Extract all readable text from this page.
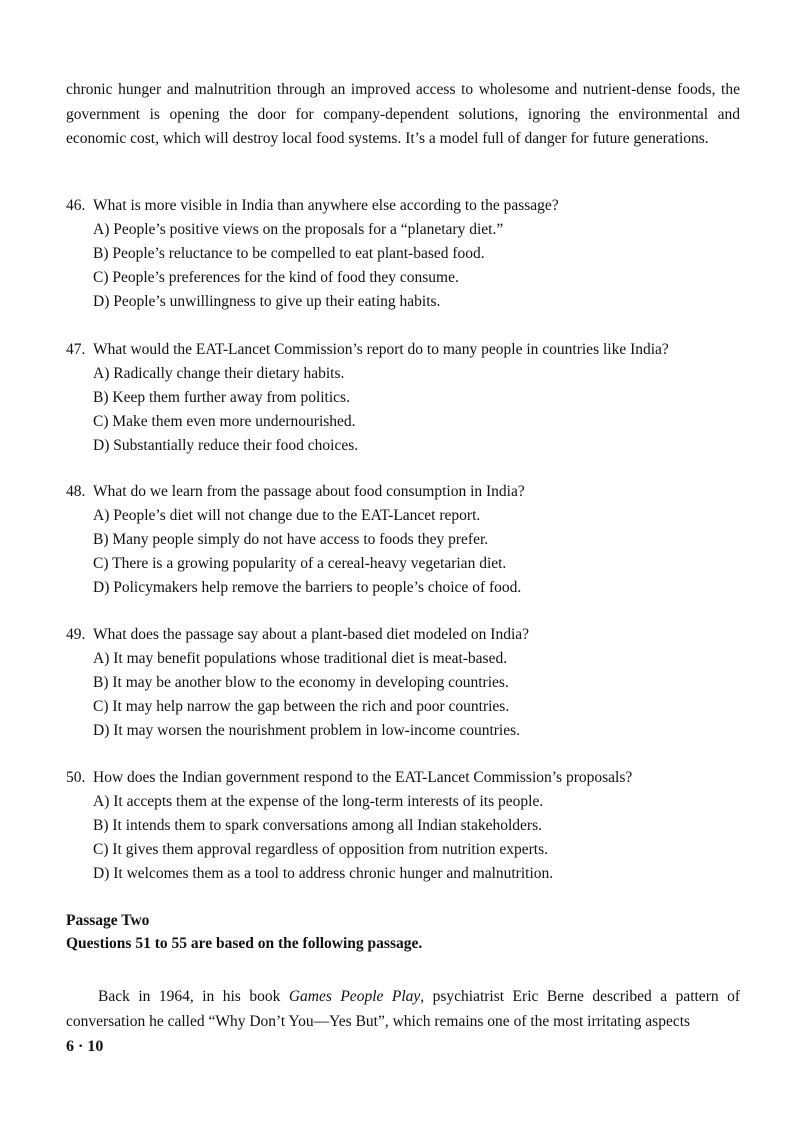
chronic hunger and malnutrition through an improved access to wholesome and nutrient-dense foods, the government is opening the door for company-dependent solutions, ignoring the environmental and economic cost, which will destroy local food systems. It’s a model full of danger for future generations.

46. What is more visible in India than anywhere else according to the passage?
A) People’s positive views on the proposals for a “planetary diet.”
B) People’s reluctance to be compelled to eat plant-based food.
C) People’s preferences for the kind of food they consume.
D) People’s unwillingness to give up their eating habits.
47. What would the EAT-Lancet Commission’s report do to many people in countries like India?
A) Radically change their dietary habits.
B) Keep them further away from politics.
C) Make them even more undernourished.
D) Substantially reduce their food choices.
48. What do we learn from the passage about food consumption in India?
A) People’s diet will not change due to the EAT-Lancet report.
B) Many people simply do not have access to foods they prefer.
C) There is a growing popularity of a cereal-heavy vegetarian diet.
D) Policymakers help remove the barriers to people’s choice of food.
49. What does the passage say about a plant-based diet modeled on India?
A) It may benefit populations whose traditional diet is meat-based.
B) It may be another blow to the economy in developing countries.
C) It may help narrow the gap between the rich and poor countries.
D) It may worsen the nourishment problem in low-income countries.
50. How does the Indian government respond to the EAT-Lancet Commission’s proposals?
A) It accepts them at the expense of the long-term interests of its people.
B) It intends them to spark conversations among all Indian stakeholders.
C) It gives them approval regardless of opposition from nutrition experts.
D) It welcomes them as a tool to address chronic hunger and malnutrition.
Passage Two
Questions 51 to 55 are based on the following passage.

Back in 1964, in his book Games People Play, psychiatrist Eric Berne described a pattern of conversation he called “Why Don’t You—Yes But”, which remains one of the most irritating aspects

6 · 10
